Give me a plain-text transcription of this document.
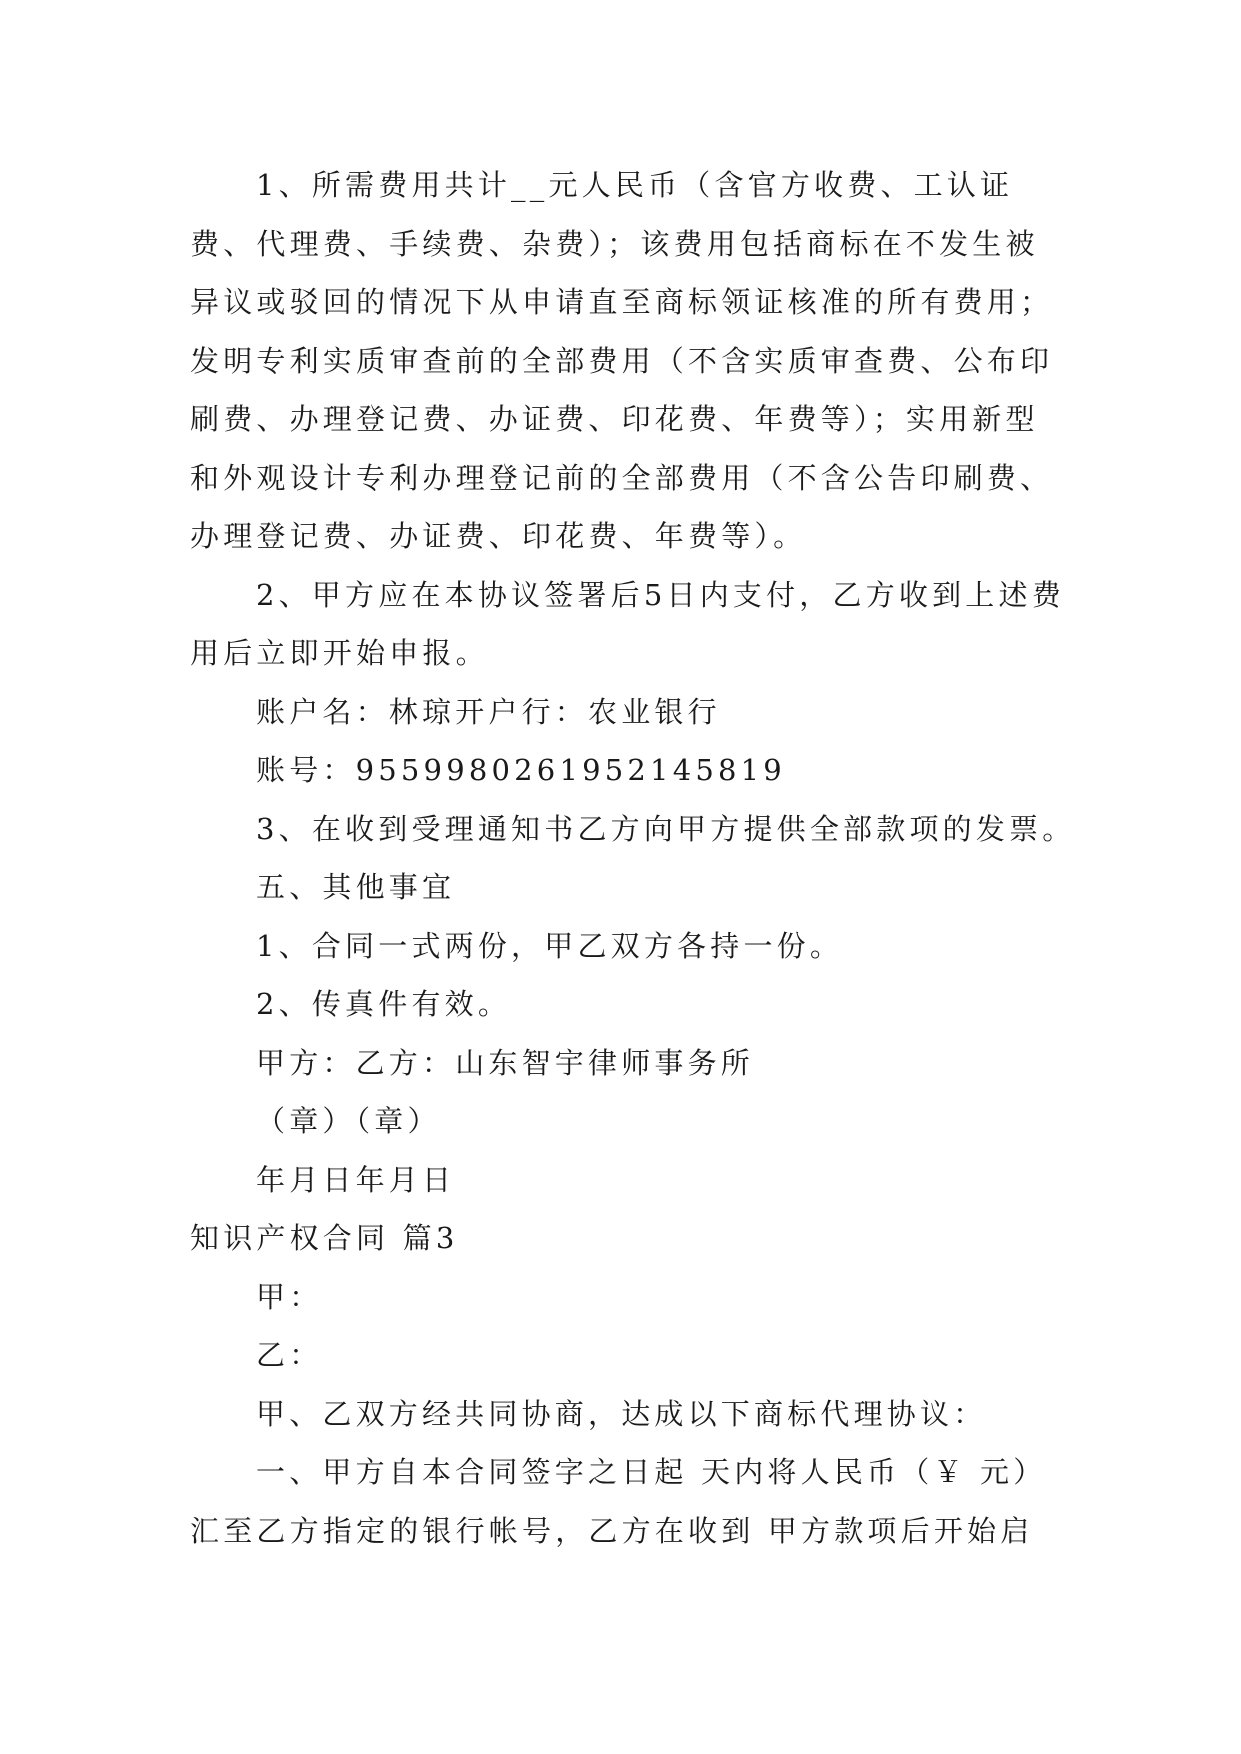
1、所需费用共计__元人民币（含官方收费、工认证费、代理费、手续费、杂费）；该费用包括商标在不发生被异议或驳回的情况下从申请直至商标领证核准的所有费用；发明专利实质审查前的全部费用（不含实质审查费、公布印刷费、办理登记费、办证费、印花费、年费等）；实用新型和外观设计专利办理登记前的全部费用（不含公告印刷费、办理登记费、办证费、印花费、年费等）。

2、甲方应在本协议签署后5日内支付，乙方收到上述费用后立即开始申报。

账户名：林琼开户行：农业银行

账号：9559980261952145819

3、在收到受理通知书乙方向甲方提供全部款项的发票。

五、其他事宜

1、合同一式两份，甲乙双方各持一份。

2、传真件有效。

甲方：乙方：山东智宇律师事务所

（章）（章）

年月日年月日

知识产权合同 篇3

甲：

乙：

甲、乙双方经共同协商，达成以下商标代理协议：

一、甲方自本合同签字之日起 天内将人民币（￥ 元）汇至乙方指定的银行帐号，乙方在收到 甲方款项后开始启
